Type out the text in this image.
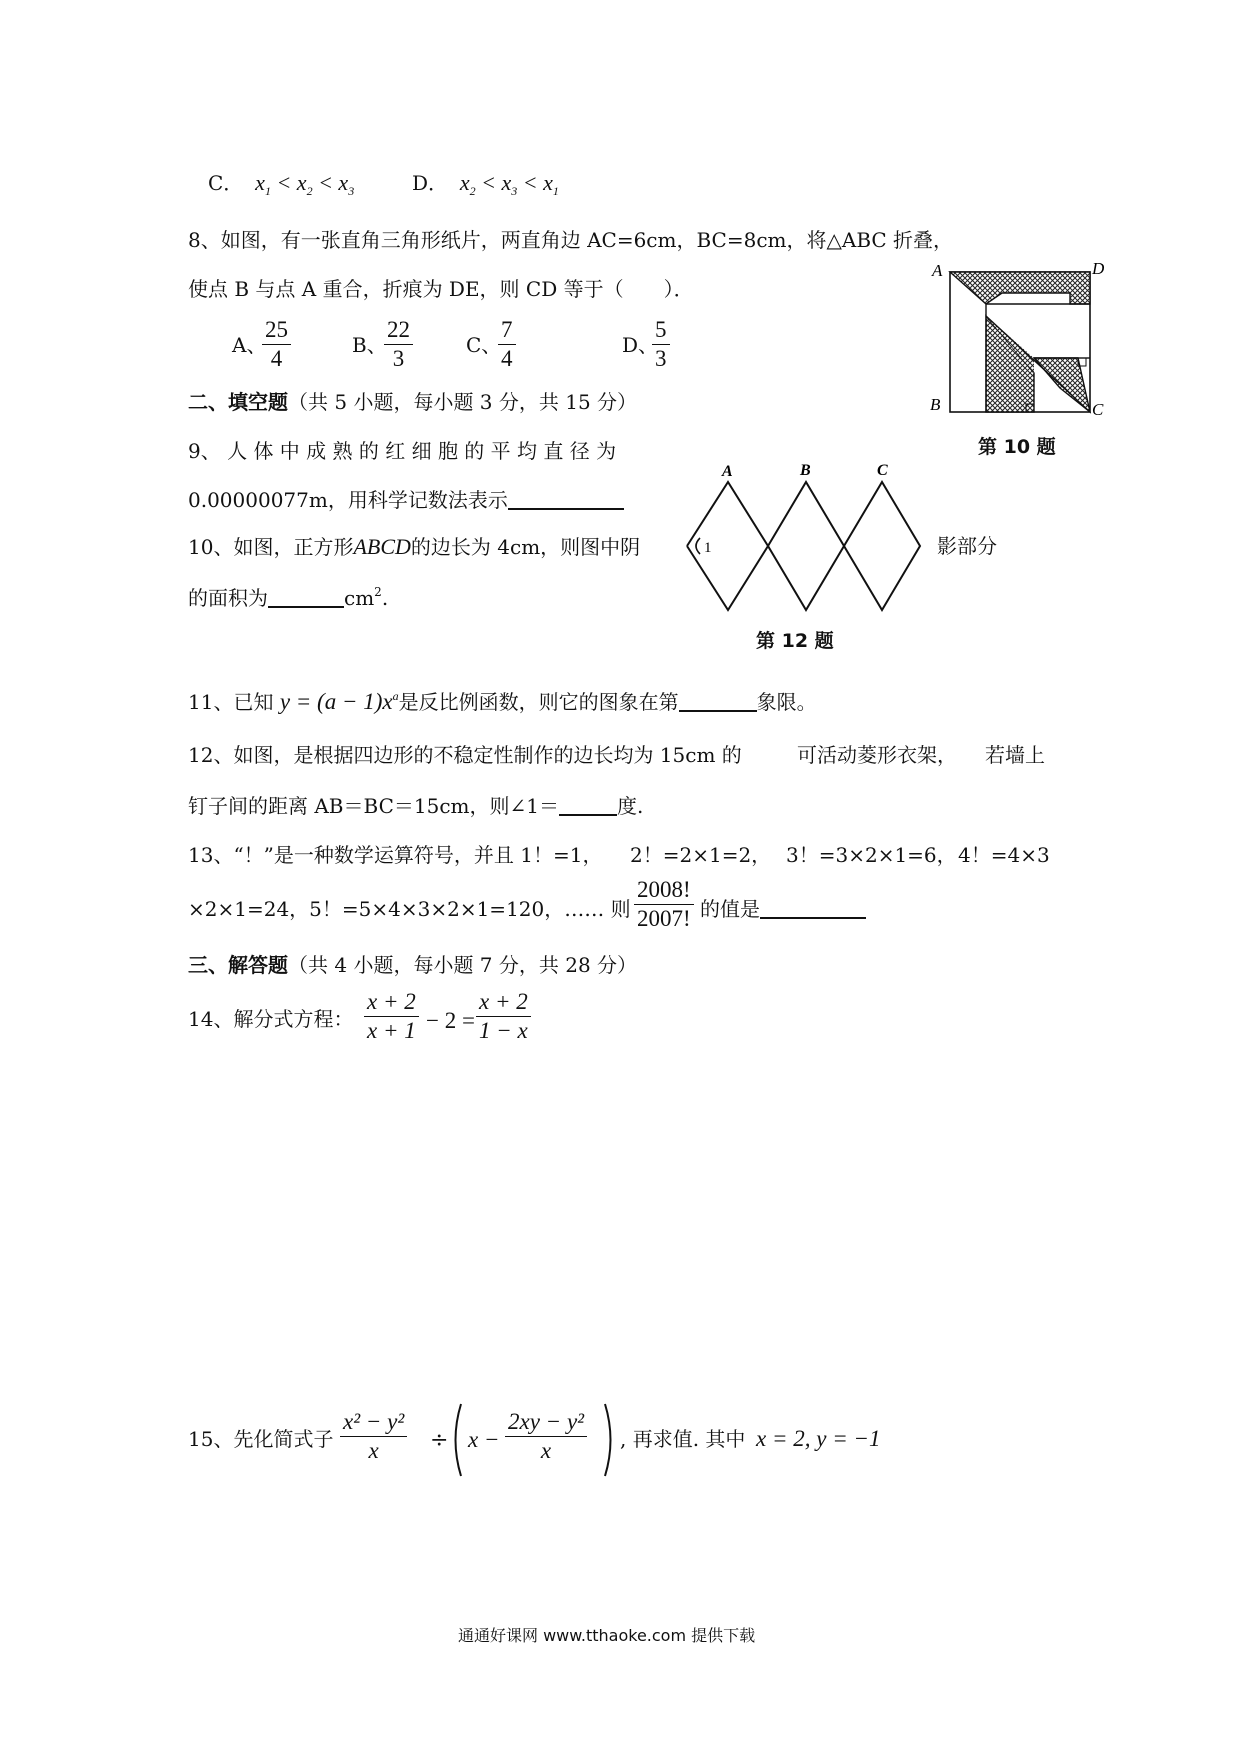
C．  $x_1 < x_2 < x_3$	D．  $x_2 < x_3 < x_1$
8、如图，有一张直角三角形纸片，两直角边 AC=6cm，BC=8cm，将△ABC 折叠，
使点 B 与点 A 重合，折痕为 DE，则 CD 等于（　　）．
A、
$\frac{25}{4}$	B、
$\frac{22}{3}$	C、
$\frac{7}{4}$	D、
$\frac{5}{3}$
A	D
B	C
第 10 题
二、填空题（共 5 小题，每小题 3 分，共 15 分）
9、 人 体 中 成 熟 的 红 细 胞 的 平 均 直 径 为
0.00000077m，用科学记数法表示
1
A	B	C
第 12 题
10、如图，正方形ABCD的边长为 4cm，则图中阴	影部分
的面积为	$cm^2$.
11、已知 $y = (a - 1)x^a$是反比例函数，则它的图象在第	象限。
12、如图，是根据四边形的不稳定性制作的边长均为 15cm 的	可活动菱形衣架， 若墙上
钉子间的距离 AB＝BC＝15cm，则∠1＝	度.
13、“！”是一种数学运算符号，并且 1！=1， 2！=2×1=2， 3！=3×2×1=6， 4！=4×3
×2×1=24，5！=5×4×3×2×1=120，…… 则 $\frac{2008!}{2007!}$ 的值是
三、解答题（共 4 小题，每小题 7 分，共 28 分）
14、解分式方程： $\frac{x + 2}{x + 1} - 2 = \frac{x + 2}{1 - x}$
15、先化简式子 $\frac{\text{x² − y²}}{x} \div x - \frac{\text{2xy − y²}}{x}$ , 再求值. 其中 x = 2, y = −1
通通好课网 www.tthaoke.com 提供下载
